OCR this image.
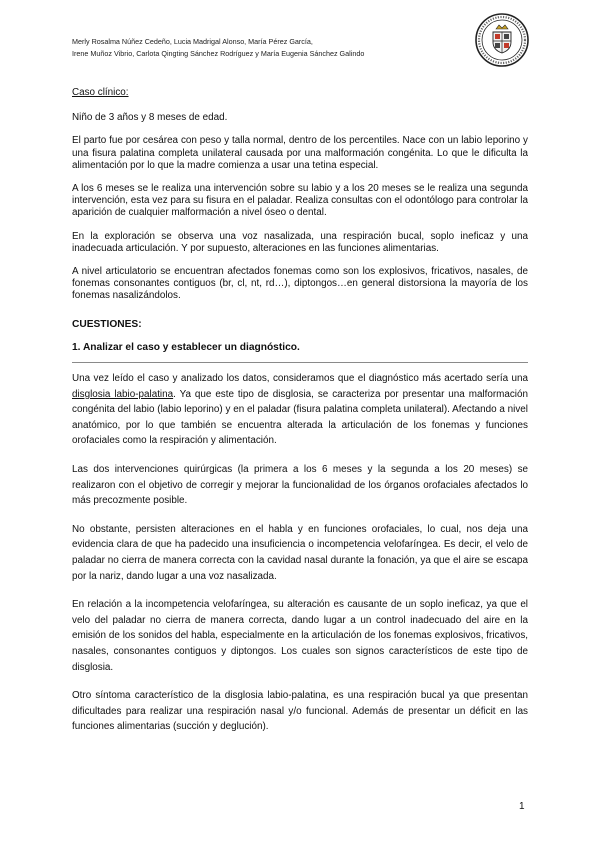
Merly Rosalma Núñez Cedeño, Lucia Madrigal Alonso, María Pérez García,
Irene Muñoz Vibrio, Carlota Qingting Sánchez Rodríguez y María Eugenia Sánchez Galindo
Caso clínico:

Niño de 3 años y 8 meses de edad.

El parto fue por cesárea con peso y talla normal, dentro de los percentiles. Nace con un labio leporino y una fisura palatina completa unilateral causada por una malformación congénita. Lo que le dificulta la alimentación por lo que la madre comienza a usar una tetina especial.

A los 6 meses se le realiza una intervención sobre su labio y a los 20 meses se le realiza una segunda intervención, esta vez para su fisura en el paladar. Realiza consultas con el odontólogo para controlar la aparición de cualquier malformación a nivel óseo o dental.

En la exploración se observa una voz nasalizada, una respiración bucal, soplo ineficaz y una inadecuada articulación. Y por supuesto, alteraciones en las funciones alimentarias.

A nivel articulatorio se encuentran afectados fonemas como son los explosivos, fricativos, nasales, de fonemas consonantes contiguos (br, cl, nt, rd…), diptongos…en general distorsiona la mayoría de los fonemas nasalizándolos.

CUESTIONES:
1. Analizar el caso y establecer un diagnóstico.

Una vez leído el caso y analizado los datos, consideramos que el diagnóstico más acertado sería una disglosia labio-palatina. Ya que este tipo de disglosia, se caracteriza por presentar una malformación congénita del labio (labio leporino) y en el paladar (fisura palatina completa unilateral). Afectando a nivel anatómico, por lo que también se encuentra alterada la articulación de los fonemas y funciones orofaciales como la respiración y alimentación.

Las dos intervenciones quirúrgicas (la primera a los 6 meses y la segunda a los 20 meses) se realizaron con el objetivo de corregir y mejorar la funcionalidad de los órganos orofaciales afectados lo más precozmente posible.

No obstante, persisten alteraciones en el habla y en funciones orofaciales, lo cual, nos deja una evidencia clara de que ha padecido una insuficiencia o incompetencia velofaríngea. Es decir, el velo de paladar no cierra de manera correcta con la cavidad nasal durante la fonación, ya que el aire se escapa por la nariz, dando lugar a una voz nasalizada.

En relación a la incompetencia velofaríngea, su alteración es causante de un soplo ineficaz, ya que el velo del paladar no cierra de manera correcta, dando lugar a un control inadecuado del aire en la emisión de los sonidos del habla, especialmente en la articulación de los fonemas explosivos, fricativos, nasales, consonantes contiguos y diptongos. Los cuales son signos característicos de este tipo de disglosia.

Otro síntoma característico de la disglosia labio-palatina, es una respiración bucal ya que presentan dificultades para realizar una respiración nasal y/o funcional. Además de presentar un déficit en las funciones alimentarias (succión y deglución).

1
